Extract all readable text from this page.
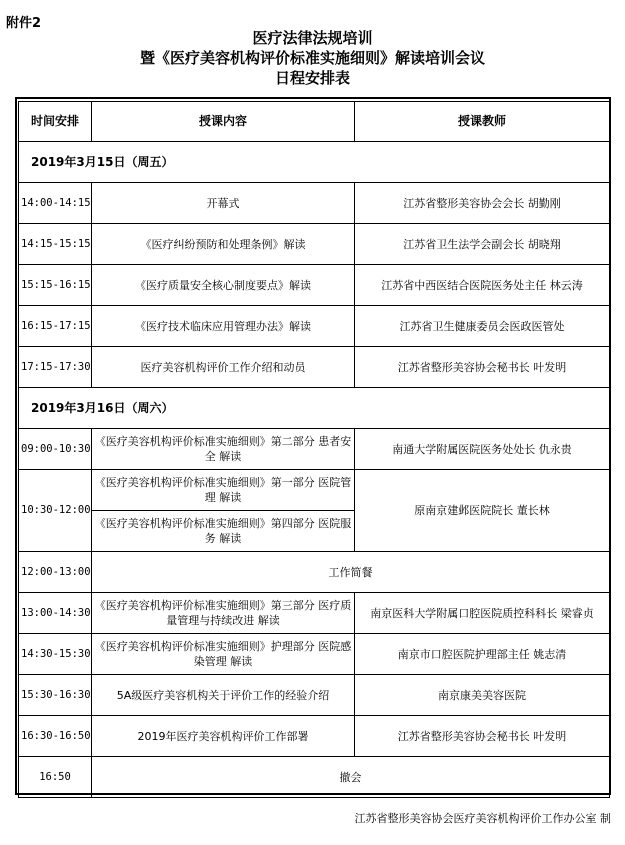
附件2
医疗法律法规培训
暨《医疗美容机构评价标准实施细则》解读培训会议
日程安排表
时间安排	授课内容	授课教师
2019年3月15日（周五）		
14:00-14:15	开幕式	江苏省整形美容协会会长 胡勤刚
14:15-15:15	《医疗纠纷预防和处理条例》解读	江苏省卫生法学会副会长 胡晓翔
15:15-16:15	《医疗质量安全核心制度要点》解读	江苏省中西医结合医院医务处主任 林云涛
16:15-17:15	《医疗技术临床应用管理办法》解读	江苏省卫生健康委员会医政医管处
17:15-17:30	医疗美容机构评价工作介绍和动员	江苏省整形美容协会秘书长 叶发明
2019年3月16日（周六）		
09:00-10:30	《医疗美容机构评价标准实施细则》第二部分 患者安全 解读	南通大学附属医院医务处处长 仇永贵
10:30-12:00	《医疗美容机构评价标准实施细则》第一部分 医院管理 解读	原南京建邺医院院长 董长林
	《医疗美容机构评价标准实施细则》第四部分 医院服务 解读	
12:00-13:00	工作简餐	
13:00-14:30	《医疗美容机构评价标准实施细则》第三部分 医疗质量管理与持续改进 解读	南京医科大学附属口腔医院质控科科长 梁睿贞
14:30-15:30	《医疗美容机构评价标准实施细则》护理部分 医院感染管理 解读	南京市口腔医院护理部主任 姚志清
15:30-16:30	5A级医疗美容机构关于评价工作的经验介绍	南京康美美容医院
16:30-16:50	2019年医疗美容机构评价工作部署	江苏省整形美容协会秘书长 叶发明
16:50	撤会	
江苏省整形美容协会医疗美容机构评价工作办公室 制
